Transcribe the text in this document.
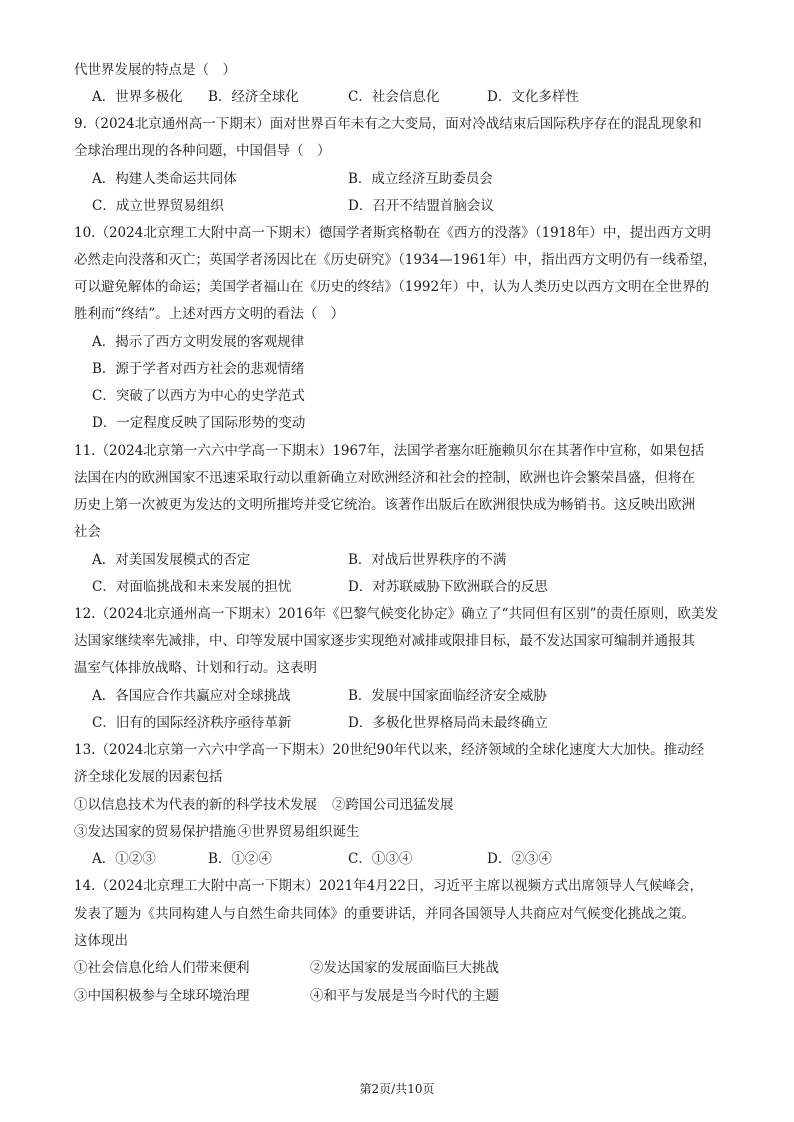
代世界发展的特点是（　）
A．世界多极化 B．经济全球化	C．社会信息化	D．文化多样性
9.（2024北京通州高一下期末）面对世界百年未有之大变局，面对冷战结束后国际秩序存在的混乱现象和
全球治理出现的各种问题，中国倡导（　）
A．构建人类命运共同体	B．成立经济互助委员会
C．成立世界贸易组织	D．召开不结盟首脑会议
10.（2024北京理工大附中高一下期末）德国学者斯宾格勒在《西方的没落》（1918年）中，提出西方文明
必然走向没落和灭亡；英国学者汤因比在《历史研究》（1934—1961年）中，指出西方文明仍有一线希望，
可以避免解体的命运；美国学者福山在《历史的终结》（1992年）中，认为人类历史以西方文明在全世界的
胜利而“终结”。上述对西方文明的看法（　）
A．揭示了西方文明发展的客观规律
B．源于学者对西方社会的悲观情绪
C．突破了以西方为中心的史学范式
D．一定程度反映了国际形势的变动
11.（2024北京第一六六中学高一下期末）1967年，法国学者塞尔旺施赖贝尔在其著作中宣称，如果包括
法国在内的欧洲国家不迅速采取行动以重新确立对欧洲经济和社会的控制，欧洲也许会繁荣昌盛，但将在
历史上第一次被更为发达的文明所摧垮并受它统治。该著作出版后在欧洲很快成为畅销书。这反映出欧洲
社会
A．对美国发展模式的否定	B．对战后世界秩序的不满
C．对面临挑战和未来发展的担忧	D．对苏联威胁下欧洲联合的反思
12.（2024北京通州高一下期末）2016年《巴黎气候变化协定》确立了“共同但有区别”的责任原则，欧美发
达国家继续率先减排，中、印等发展中国家逐步实现绝对减排或限排目标，最不发达国家可编制并通报其
温室气体排放战略、计划和行动。这表明
A．各国应合作共赢应对全球挑战	B．发展中国家面临经济安全威胁
C．旧有的国际经济秩序亟待革新	D．多极化世界格局尚未最终确立
13.（2024北京第一六六中学高一下期末）20世纪90年代以来，经济领域的全球化速度大大加快。推动经
济全球化发展的因素包括
①以信息技术为代表的新的科学技术发展 ②跨国公司迅猛发展
③发达国家的贸易保护措施 ④世界贸易组织诞生
A．①②③	B．①②④	C．①③④	D．②③④
14.（2024北京理工大附中高一下期末）2021年4月22日，习近平主席以视频方式出席领导人气候峰会，
发表了题为《共同构建人与自然生命共同体》的重要讲话，并同各国领导人共商应对气候变化挑战之策。
这体现出
①社会信息化给人们带来便利	②发达国家的发展面临巨大挑战
③中国积极参与全球环境治理	④和平与发展是当今时代的主题
第2页/共10页
